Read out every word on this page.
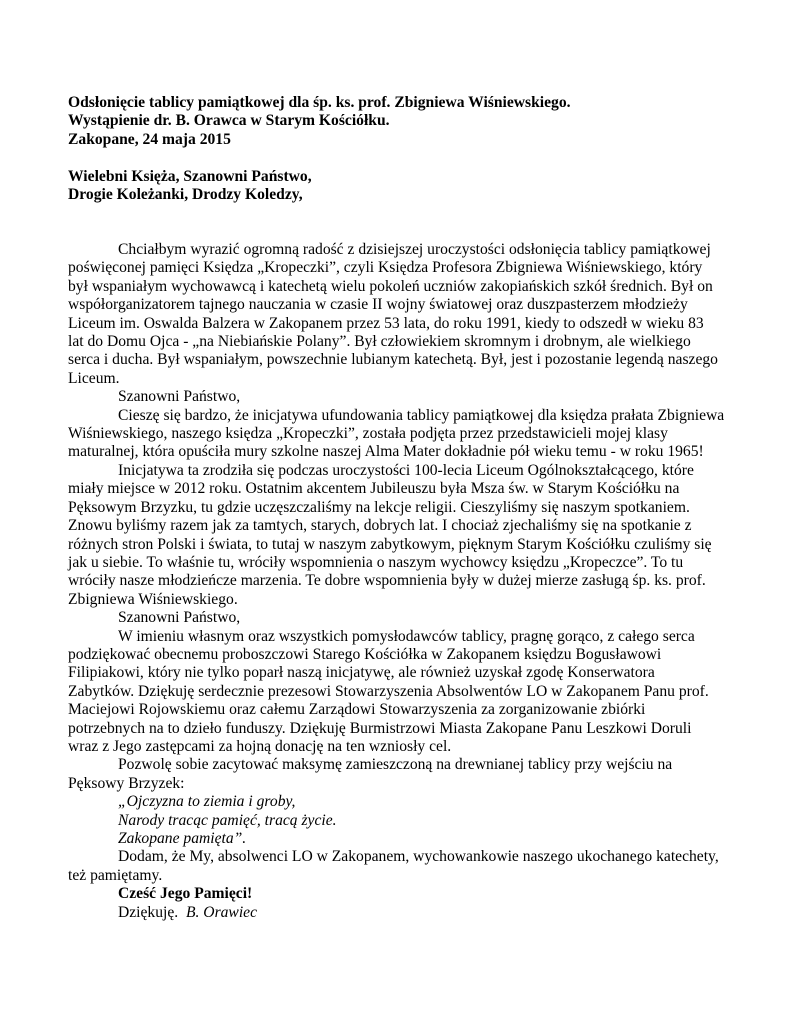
Odsłonięcie tablicy pamiątkowej dla śp. ks. prof. Zbigniewa Wiśniewskiego.
Wystąpienie dr. B. Orawca w Starym Kościółku.
Zakopane, 24 maja 2015
Wielebni Księża, Szanowni Państwo,
Drogie Koleżanki, Drodzy Koledzy,

Chciałbym wyrazić ogromną radość z dzisiejszej uroczystości odsłonięcia tablicy pamiątkowej
poświęconej pamięci Księdza „Kropeczki”, czyli Księdza Profesora Zbigniewa Wiśniewskiego, który
był wspaniałym wychowawcą i katechetą wielu pokoleń uczniów zakopiańskich szkół średnich. Był on
współorganizatorem tajnego nauczania w czasie II wojny światowej oraz duszpasterzem młodzieży
Liceum im. Oswalda Balzera w Zakopanem przez 53 lata, do roku 1991, kiedy to odszedł w wieku 83
lat do Domu Ojca - „na Niebiańskie Polany”. Był człowiekiem skromnym i drobnym, ale wielkiego
serca i ducha. Był wspaniałym, powszechnie lubianym katechetą. Był, jest i pozostanie legendą naszego
Liceum.

Szanowni Państwo,

Cieszę się bardzo, że inicjatywa ufundowania tablicy pamiątkowej dla księdza prałata Zbigniewa
Wiśniewskiego, naszego księdza „Kropeczki”, została podjęta przez przedstawicieli mojej klasy
maturalnej, która opuściła mury szkolne naszej Alma Mater dokładnie pół wieku temu - w roku 1965!

Inicjatywa ta zrodziła się podczas uroczystości 100-lecia Liceum Ogólnokształcącego, które
miały miejsce w 2012 roku. Ostatnim akcentem Jubileuszu była Msza św. w Starym Kościółku na
Pęksowym Brzyzku, tu gdzie uczęszczaliśmy na lekcje religii. Cieszyliśmy się naszym spotkaniem.
Znowu byliśmy razem jak za tamtych, starych, dobrych lat. I chociaż zjechaliśmy się na spotkanie z
różnych stron Polski i świata, to tutaj w naszym zabytkowym, pięknym Starym Kościółku czuliśmy się
jak u siebie. To właśnie tu, wróciły wspomnienia o naszym wychowcy księdzu „Kropeczce”. To tu
wróciły nasze młodzieńcze marzenia. Te dobre wspomnienia były w dużej mierze zasługą śp. ks. prof.
Zbigniewa Wiśniewskiego.

Szanowni Państwo,

W imieniu własnym oraz wszystkich pomysłodawców tablicy, pragnę gorąco, z całego serca
podziękować obecnemu proboszczowi Starego Kościółka w Zakopanem księdzu Bogusławowi
Filipiakowi, który nie tylko poparł naszą inicjatywę, ale również uzyskał zgodę Konserwatora
Zabytków. Dziękuję serdecznie prezesowi Stowarzyszenia Absolwentów LO w Zakopanem Panu prof.
Maciejowi Rojowskiemu oraz całemu Zarządowi Stowarzyszenia za zorganizowanie zbiórki
potrzebnych na to dzieło funduszy. Dziękuję Burmistrzowi Miasta Zakopane Panu Leszkowi Doruli
wraz z Jego zastępcami za hojną donację na ten wzniosły cel.

Pozwolę sobie zacytować maksymę zamieszczoną na drewnianej tablicy przy wejściu na
Pęksowy Brzyzek:

„Ojczyzna to ziemia i groby,
Narody tracąc pamięć, tracą życie.
Zakopane pamięta”.

Dodam, że My, absolwenci LO w Zakopanem, wychowankowie naszego ukochanego katechety,
też pamiętamy.

Cześć Jego Pamięci!
Dziękuję. B. Orawiec
